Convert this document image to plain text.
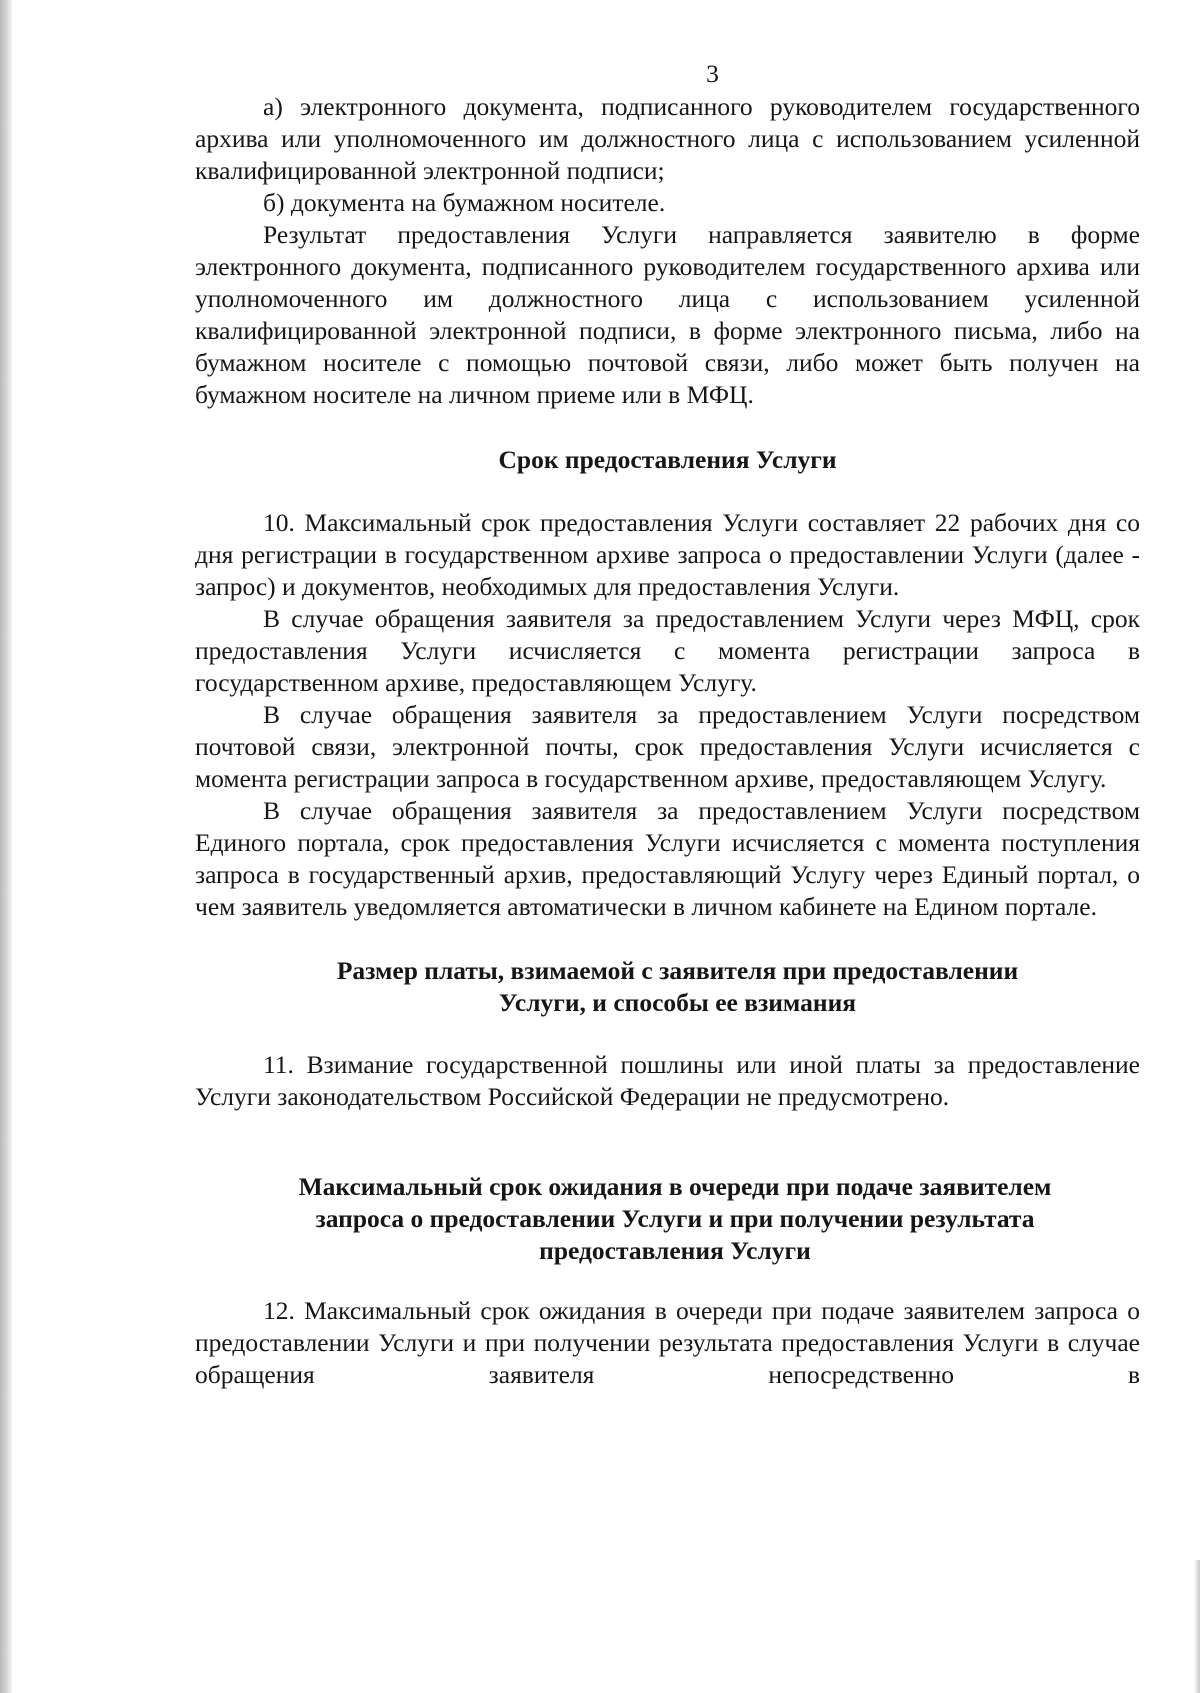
3

а) электронного документа, подписанного руководителем государственного архива или уполномоченного им должностного лица с использованием усиленной квалифицированной электронной подписи;

б) документа на бумажном носителе.

Результат предоставления Услуги направляется заявителю в форме электронного документа, подписанного руководителем государственного архива или уполномоченного им должностного лица с использованием усиленной квалифицированной электронной подписи, в форме электронного письма, либо на бумажном носителе с помощью почтовой связи, либо может быть получен на бумажном носителе на личном приеме или в МФЦ.

Срок предоставления Услуги

10. Максимальный срок предоставления Услуги составляет 22 рабочих дня со дня регистрации в государственном архиве запроса о предоставлении Услуги (далее - запрос) и документов, необходимых для предоставления Услуги.

В случае обращения заявителя за предоставлением Услуги через МФЦ, срок предоставления Услуги исчисляется с момента регистрации запроса в государственном архиве, предоставляющем Услугу.

В случае обращения заявителя за предоставлением Услуги посредством почтовой связи, электронной почты, срок предоставления Услуги исчисляется с момента регистрации запроса в государственном архиве, предоставляющем Услугу.

В случае обращения заявителя за предоставлением Услуги посредством Единого портала, срок предоставления Услуги исчисляется с момента поступления запроса в государственный архив, предоставляющий Услугу через Единый портал, о чем заявитель уведомляется автоматически в личном кабинете на Едином портале.

Размер платы, взимаемой с заявителя при предоставлении
Услуги, и способы ее взимания

11. Взимание государственной пошлины или иной платы за предоставление Услуги законодательством Российской Федерации не предусмотрено.

Максимальный срок ожидания в очереди при подаче заявителем
запроса о предоставлении Услуги и при получении результата
предоставления Услуги

12. Максимальный срок ожидания в очереди при подаче заявителем запроса о предоставлении Услуги и при получении результата предоставления Услуги в случае обращения заявителя непосредственно в
